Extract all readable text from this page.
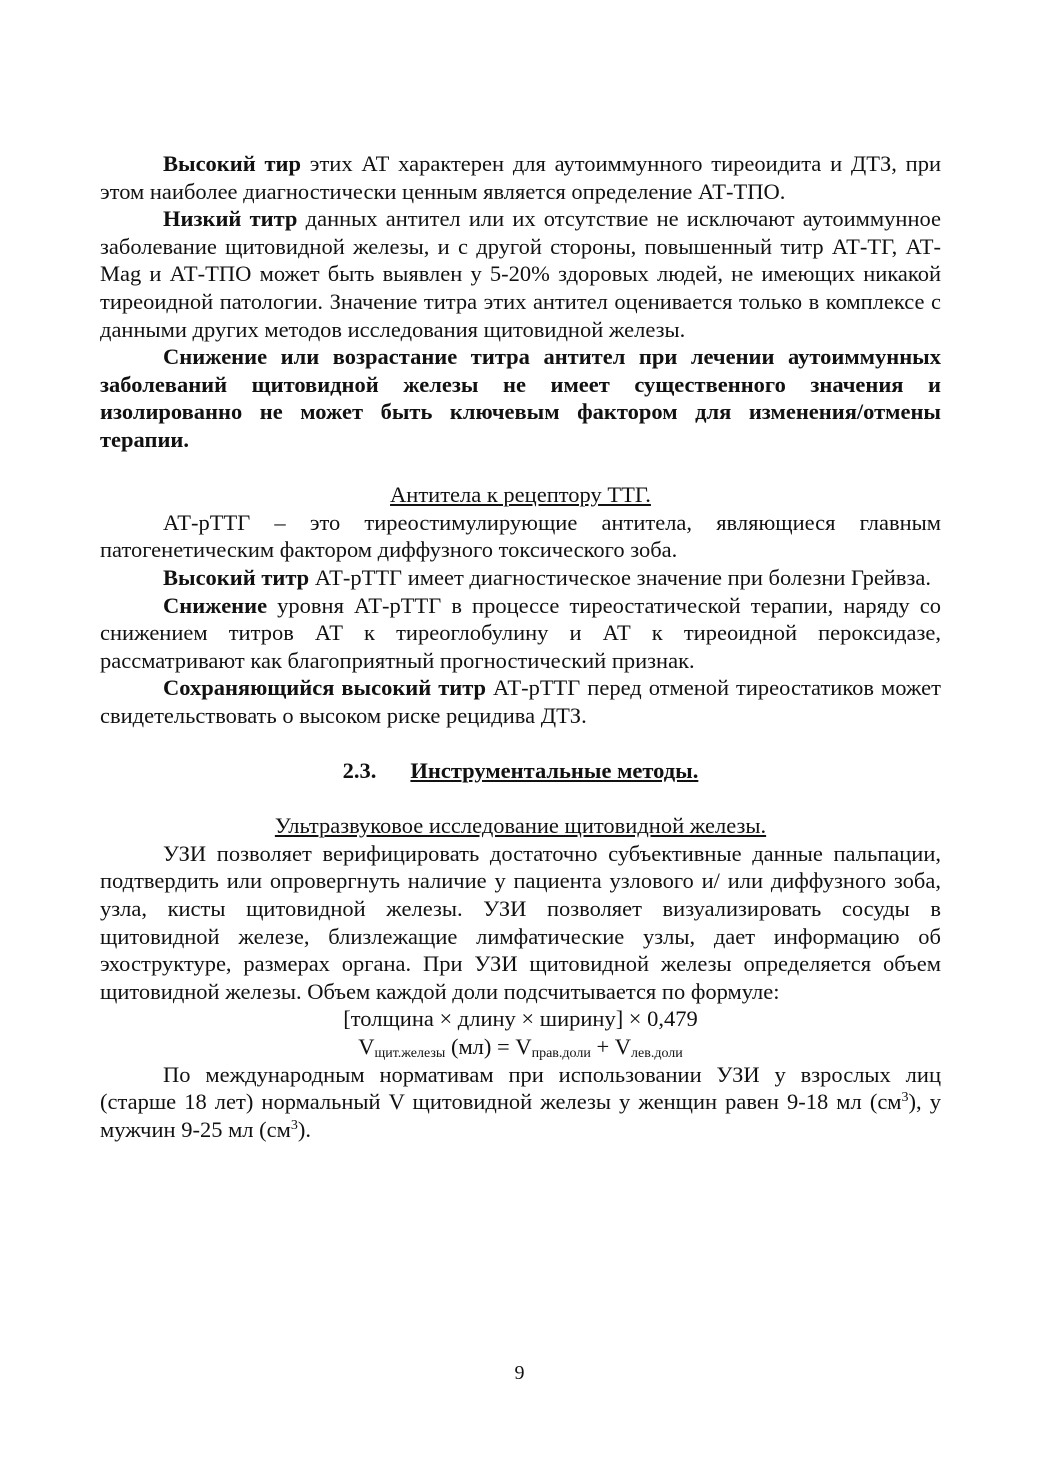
Высокий тир этих АТ характерен для аутоиммунного тиреоидита и ДТЗ, при этом наиболее диагностически ценным является определение АТ-ТПО.

Низкий титр данных антител или их отсутствие не исключают аутоиммунное заболевание щитовидной железы, и с другой стороны, повышенный титр АТ-ТГ, АТ-Mag и АТ-ТПО может быть выявлен у 5-20% здоровых людей, не имеющих никакой тиреоидной патологии. Значение титра этих антител оценивается только в комплексе с данными других методов исследования щитовидной железы.

Снижение или возрастание титра антител при лечении аутоиммунных заболеваний щитовидной железы не имеет существенного значения и изолированно не может быть ключевым фактором для изменения/отмены терапии.

Антитела к рецептору ТТГ.

АТ-рТТГ – это тиреостимулирующие антитела, являющиеся главным патогенетическим фактором диффузного токсического зоба.

Высокий титр АТ-рТТГ имеет диагностическое значение при болезни Грейвза.

Снижение уровня АТ-рТТГ в процессе тиреостатической терапии, наряду со снижением титров АТ к тиреоглобулину и АТ к тиреоидной пероксидазе, рассматривают как благоприятный прогностический признак.

Сохраняющийся высокий титр АТ-рТТГ перед отменой тиреостатиков может свидетельствовать о высоком риске рецидива ДТЗ.

2.3. Инструментальные методы.

Ультразвуковое исследование щитовидной железы.

УЗИ позволяет верифицировать достаточно субъективные данные пальпации, подтвердить или опровергнуть наличие у пациента узлового и/ или диффузного зоба, узла, кисты щитовидной железы. УЗИ позволяет визуализировать сосуды в щитовидной железе, близлежащие лимфатические узлы, дает информацию об эхоструктуре, размерах органа. При УЗИ щитовидной железы определяется объем щитовидной железы. Объем каждой доли подсчитывается по формуле:

[толщина × длину × ширину] × 0,479

$V_{щит.железы}$ $(мл) = V_{прав.доли} + V_{лев.доли}$

По международным нормативам при использовании УЗИ у взрослых лиц (старше 18 лет) нормальный V щитовидной железы у женщин равен 9-18 мл $(см^3)$, у мужчин 9-25 мл $(см^3)$.

9
